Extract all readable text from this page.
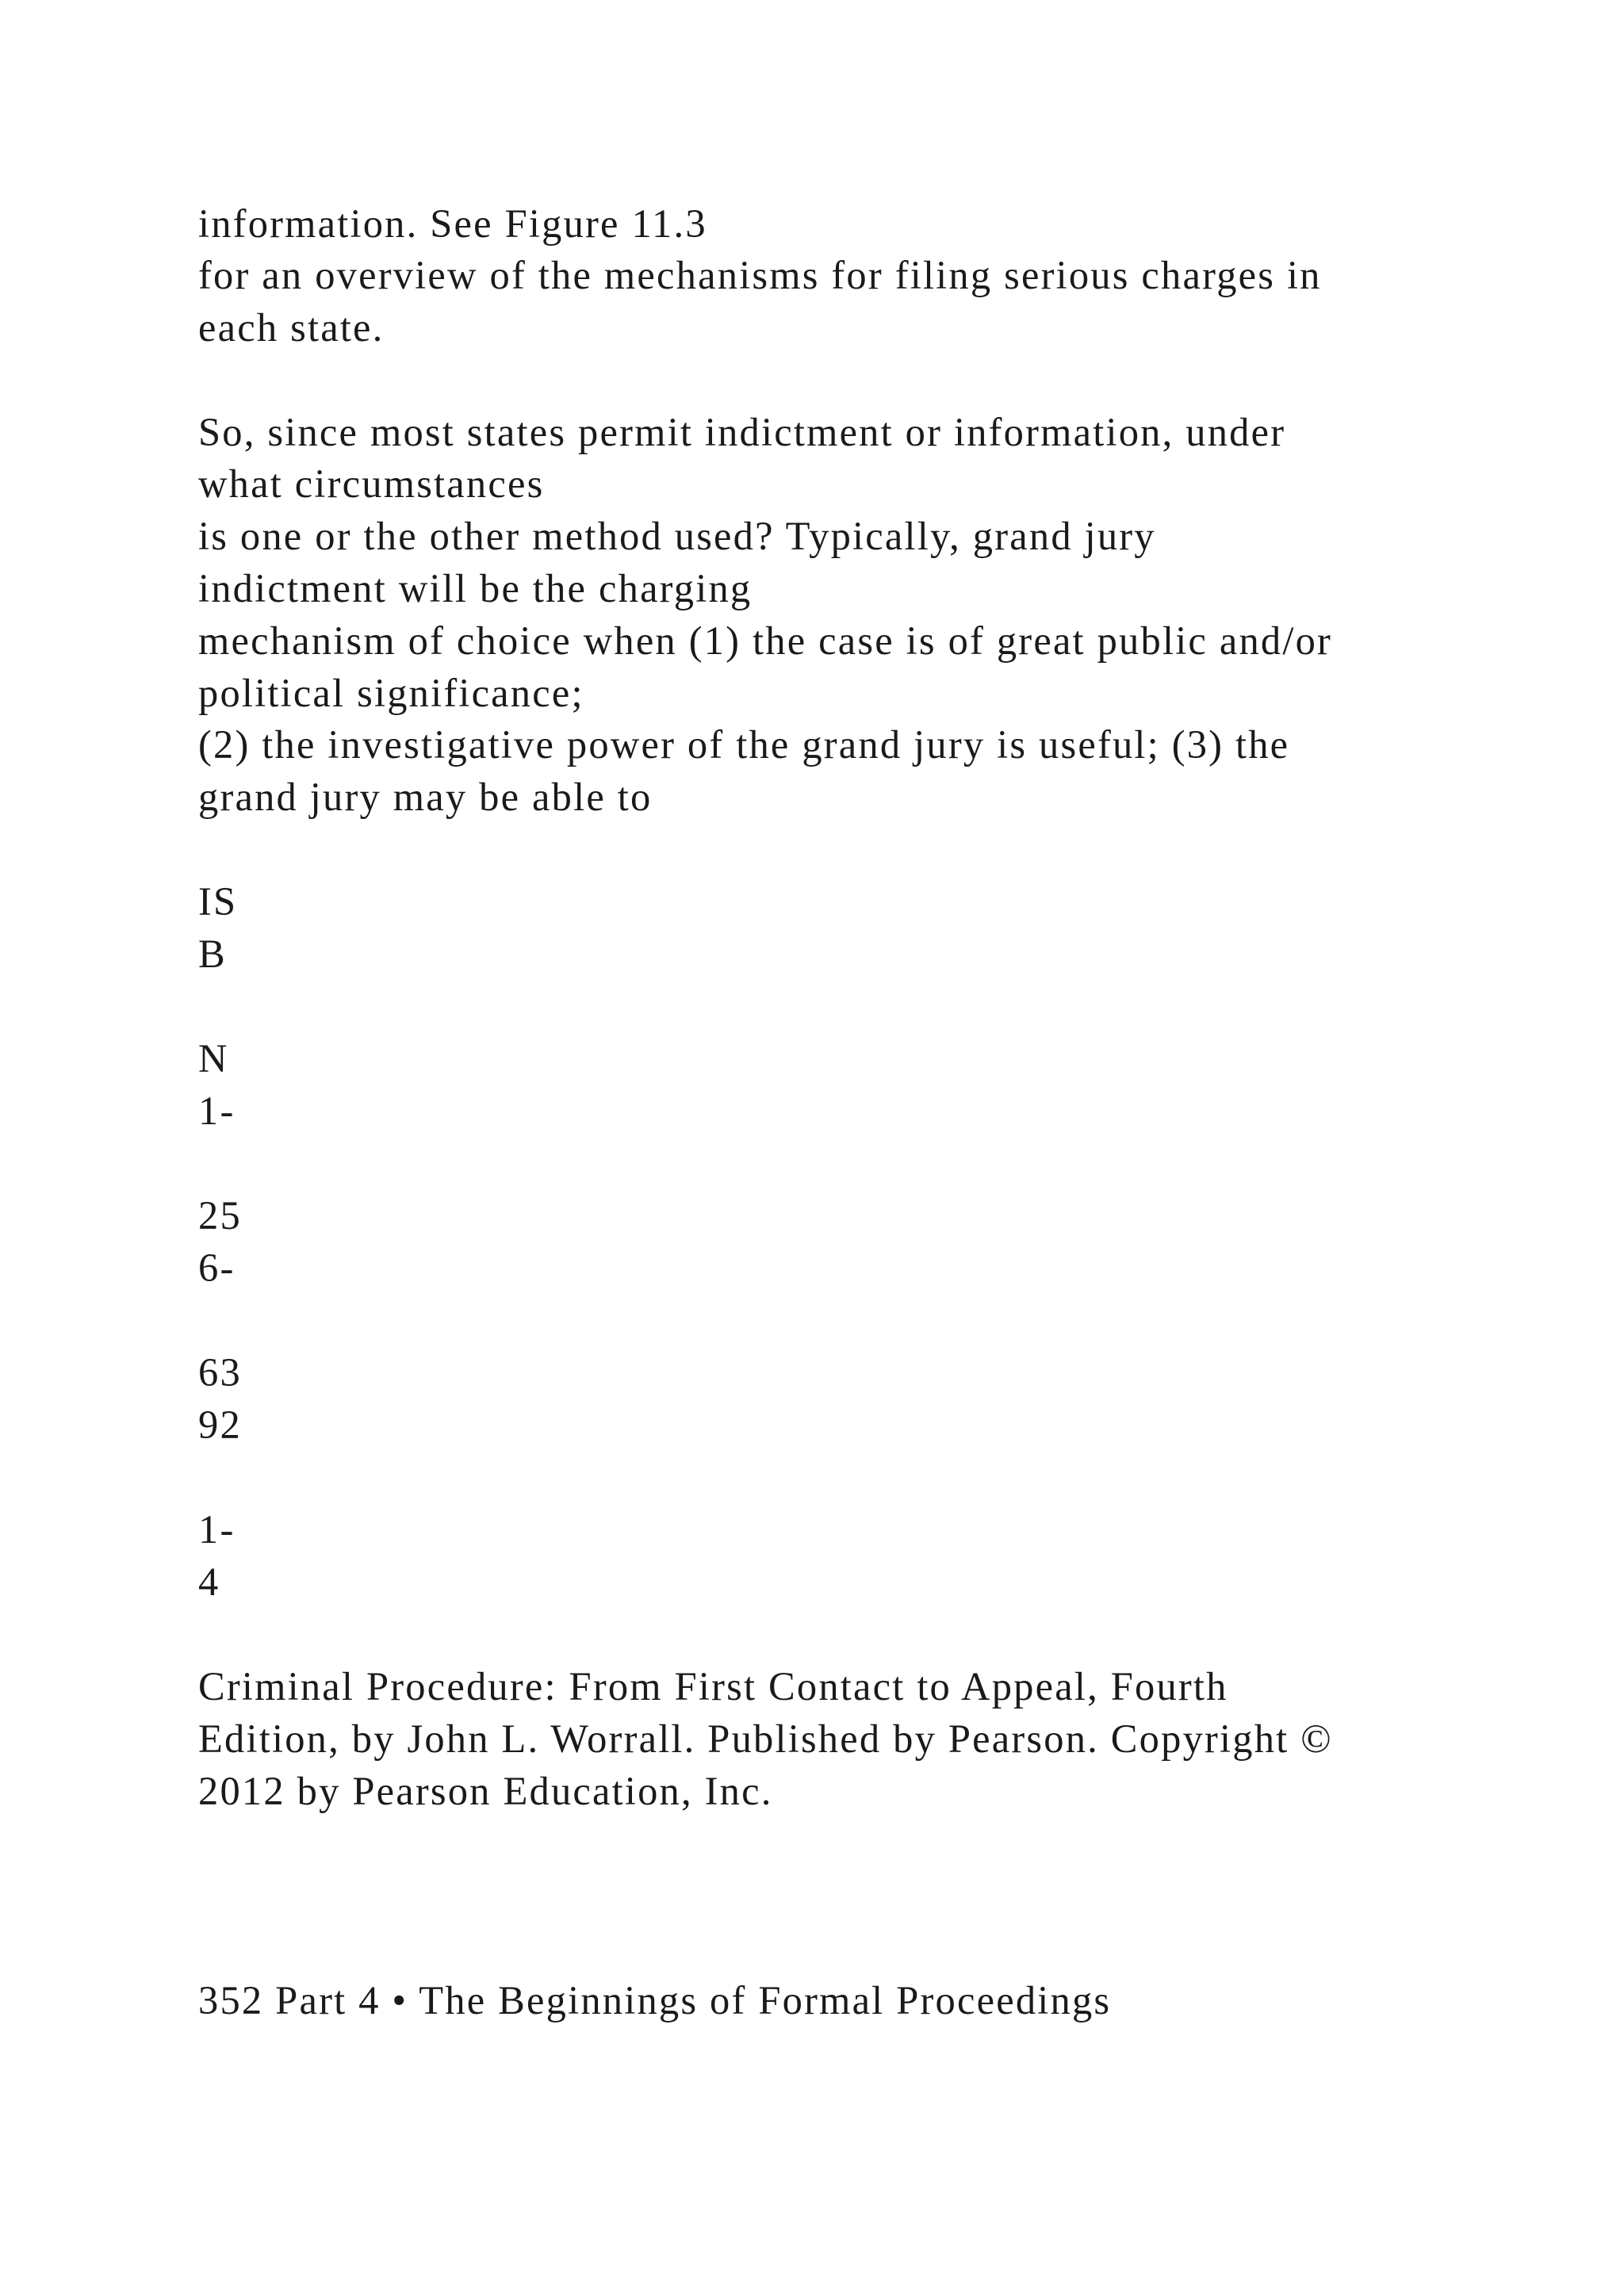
information. See Figure 11.3
for an overview of the mechanisms for filing serious charges in
each state.
So, since most states permit indictment or information, under
what circumstances
is one or the other method used? Typically, grand jury
indictment will be the charging
mechanism of choice when (1) the case is of great public and/or
political significance;
(2) the investigative power of the grand jury is useful; (3) the
grand jury may be able to
IS
B
N
1-
25
6-
63
92
1-
4
Criminal Procedure: From First Contact to Appeal, Fourth
Edition, by John L. Worrall. Published by Pearson. Copyright ©
2012 by Pearson Education, Inc.
352 Part 4 • The Beginnings of Formal Proceedings
